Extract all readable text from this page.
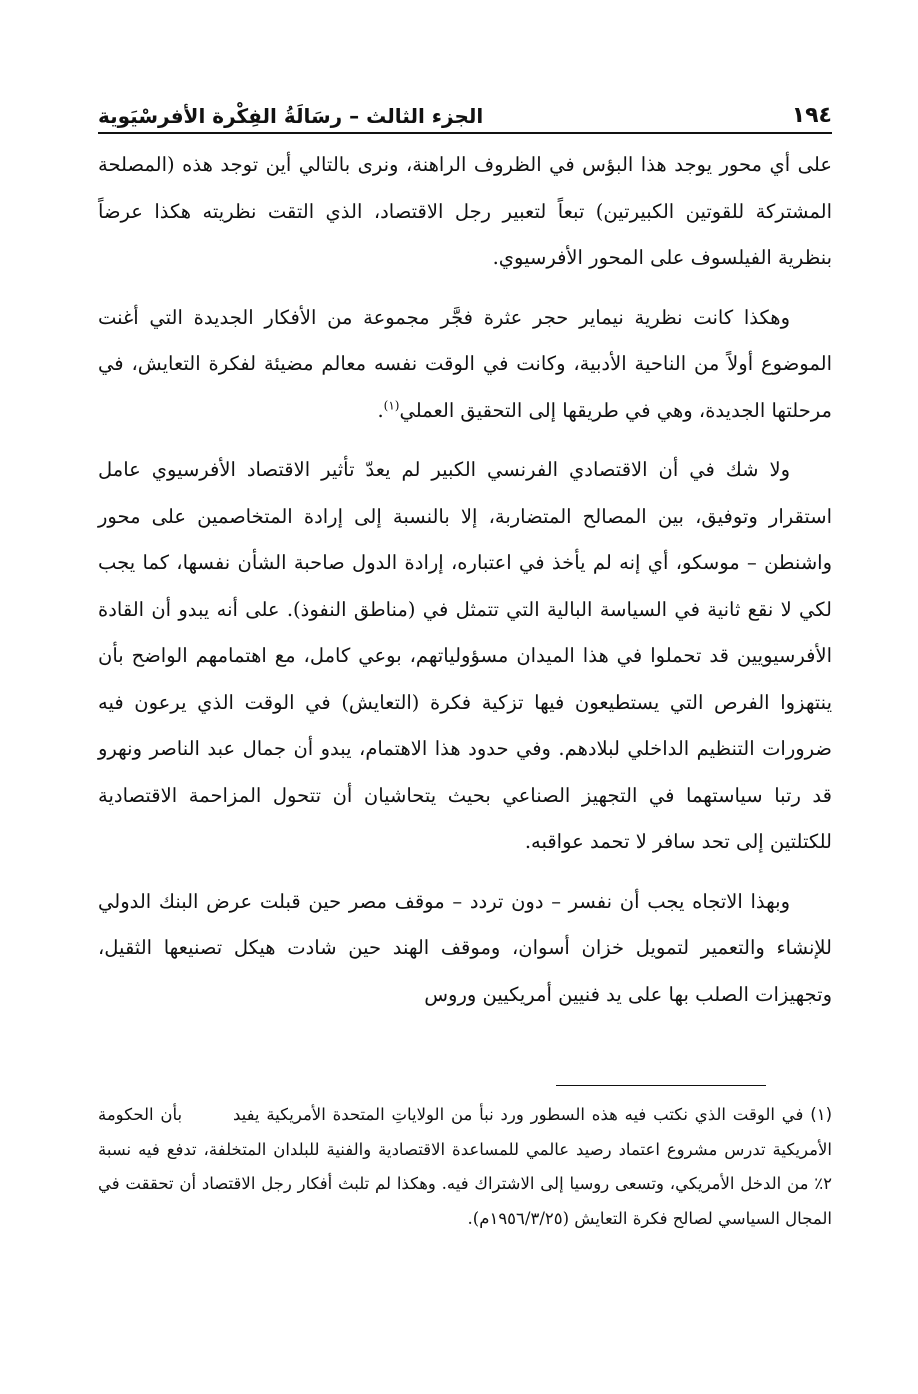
١٩٤
الجزء الثالث – رسَالَةُ الفِكْرة الأفرسْيَوية

على أي محور يوجد هذا البؤس في الظروف الراهنة، ونرى بالتالي أين توجد هذه (المصلحة المشتركة للقوتين الكبيرتين) تبعاً لتعبير رجل الاقتصاد، الذي التقت نظريته هكذا عرضاً بنظرية الفيلسوف على المحور الأفرسيوي.

وهكذا كانت نظرية نيماير حجر عثرة فجَّر مجموعة من الأفكار الجديدة التي أغنت الموضوع أولاً من الناحية الأدبية، وكانت في الوقت نفسه معالم مضيئة لفكرة التعايش، في مرحلتها الجديدة، وهي في طريقها إلى التحقيق العملي$^{(١)}$.

ولا شك في أن الاقتصادي الفرنسي الكبير لم يعدّ تأثير الاقتصاد الأفرسيوي عامل استقرار وتوفيق، بين المصالح المتضاربة، إلا بالنسبة إلى إرادة المتخاصمين على محور واشنطن – موسكو، أي إنه لم يأخذ في اعتباره، إرادة الدول صاحبة الشأن نفسها، كما يجب لكي لا نقع ثانية في السياسة البالية التي تتمثل في (مناطق النفوذ). على أنه يبدو أن القادة الأفرسيويين قد تحملوا في هذا الميدان مسؤولياتهم، بوعي كامل، مع اهتمامهم الواضح بأن ينتهزوا الفرص التي يستطيعون فيها تزكية فكرة (التعايش) في الوقت الذي يرعون فيه ضرورات التنظيم الداخلي لبلادهم. وفي حدود هذا الاهتمام، يبدو أن جمال عبد الناصر ونهرو قد رتبا سياستهما في التجهيز الصناعي بحيث يتحاشيان أن تتحول المزاحمة الاقتصادية للكتلتين إلى تحد سافر لا تحمد عواقبه.

وبهذا الاتجاه يجب أن نفسر – دون تردد – موقف مصر حين قبلت عرض البنك الدولي للإنشاء والتعمير لتمويل خزان أسوان، وموقف الهند حين شادت هيكل تصنيعها الثقيل، وتجهيزات الصلب بها على يد فنيين أمريكيين وروس

(١) في الوقت الذي نكتب فيه هذه السطور ورد نبأ من الولاياتِ المتحدة الأمريكية يفيد بأن الحكومة الأمريكية تدرس مشروع اعتماد رصيد عالمي للمساعدة الاقتصادية والفنية للبلدان المتخلفة، تدفع فيه نسبة ٢٪ من الدخل الأمريكي، وتسعى روسيا إلى الاشتراك فيه. وهكذا لم تلبث أفكار رجل الاقتصاد أن تحققت في المجال السياسي لصالح فكرة التعايش (١٩٥٦/٣/٢٥م).
